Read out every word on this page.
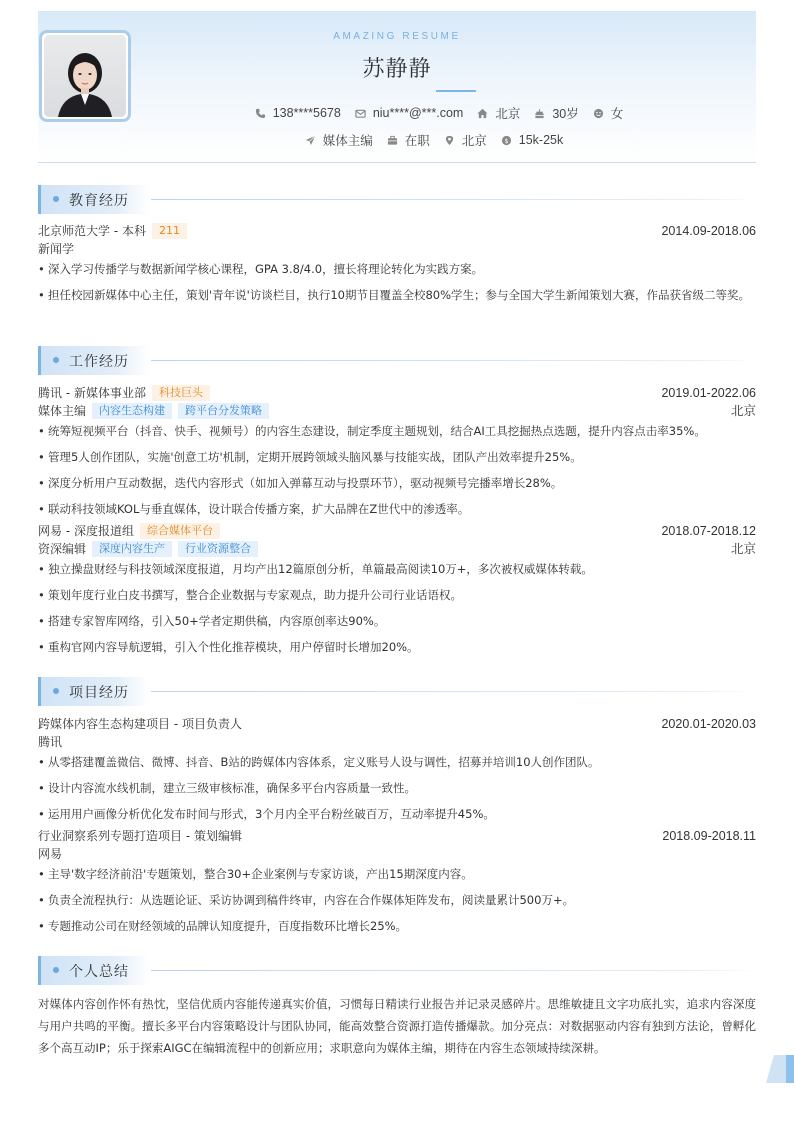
AMAZING RESUME
苏静静
138****5678	niu****@***.com	北京	30岁	女
媒体主编	在职	北京 $ 15k-25k
教育经历
北京师范大学 - 本科	211	2014.09-2018.06
新闻学
• 深入学习传播学与数据新闻学核心课程，GPA 3.8/4.0，擅长将理论转化为实践方案。
• 担任校园新媒体中心主任，策划'青年说'访谈栏目，执行10期节目覆盖全校80%学生；参与全国大学生新闻策划大赛，作品获省级二等奖。
工作经历
腾讯 - 新媒体事业部	科技巨头	2019.01-2022.06
媒体主编	内容生态构建	跨平台分发策略	北京
• 统筹短视频平台（抖音、快手、视频号）的内容生态建设，制定季度主题规划，结合AI工具挖掘热点选题，提升内容点击率35%。
• 管理5人创作团队，实施'创意工坊'机制，定期开展跨领域头脑风暴与技能实战，团队产出效率提升25%。
• 深度分析用户互动数据，迭代内容形式（如加入弹幕互动与投票环节），驱动视频号完播率增长28%。
• 联动科技领域KOL与垂直媒体，设计联合传播方案，扩大品牌在Z世代中的渗透率。
网易 - 深度报道组	综合媒体平台	2018.07-2018.12
资深编辑	深度内容生产	行业资源整合	北京
• 独立操盘财经与科技领域深度报道，月均产出12篇原创分析，单篇最高阅读10万+，多次被权威媒体转载。
• 策划年度行业白皮书撰写，整合企业数据与专家观点，助力提升公司行业话语权。
• 搭建专家智库网络，引入50+学者定期供稿，内容原创率达90%。
• 重构官网内容导航逻辑，引入个性化推荐模块，用户停留时长增加20%。
项目经历
跨媒体内容生态构建项目 - 项目负责人	2020.01-2020.03
腾讯
• 从零搭建覆盖微信、微博、抖音、B站的跨媒体内容体系，定义账号人设与调性，招募并培训10人创作团队。
• 设计内容流水线机制，建立三级审核标准，确保多平台内容质量一致性。
• 运用用户画像分析优化发布时间与形式，3个月内全平台粉丝破百万，互动率提升45%。
行业洞察系列专题打造项目 - 策划编辑	2018.09-2018.11
网易
• 主导'数字经济前沿'专题策划，整合30+企业案例与专家访谈，产出15期深度内容。
• 负责全流程执行：从选题论证、采访协调到稿件终审，内容在合作媒体矩阵发布，阅读量累计500万+。
• 专题推动公司在财经领域的品牌认知度提升，百度指数环比增长25%。
个人总结

对媒体内容创作怀有热忱，坚信优质内容能传递真实价值，习惯每日精读行业报告并记录灵感碎片。思维敏捷且文字功底扎实，追求内容深度与用户共鸣的平衡。擅长多平台内容策略设计与团队协同，能高效整合资源打造传播爆款。加分亮点：对数据驱动内容有独到方法论，曾孵化多个高互动IP；乐于探索AIGC在编辑流程中的创新应用；求职意向为媒体主编，期待在内容生态领域持续深耕。
